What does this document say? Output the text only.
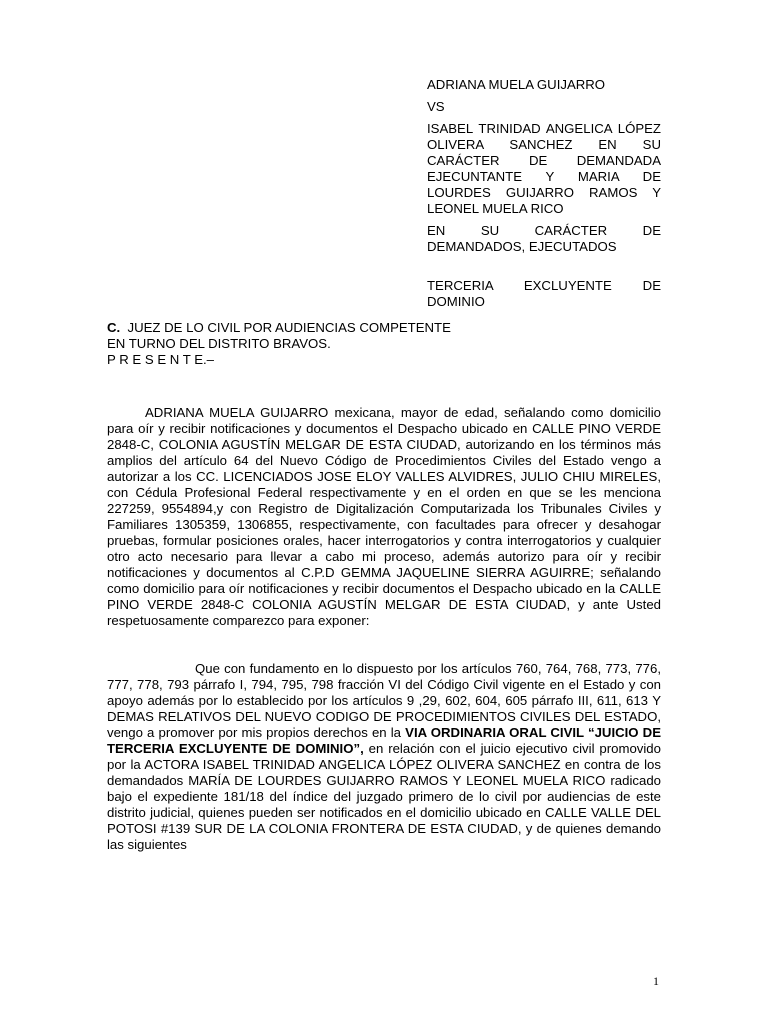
ADRIANA MUELA GUIJARRO
VS
ISABEL TRINIDAD ANGELICA LÓPEZ OLIVERA SANCHEZ EN SU CARÁCTER DE DEMANDADA EJECUNTANTE Y MARIA DE LOURDES GUIJARRO RAMOS Y LEONEL MUELA RICO
EN SU CARÁCTER DE DEMANDADOS, EJECUTADOS
TERCERIA EXCLUYENTE DE DOMINIO
C. JUEZ DE LO CIVIL POR AUDIENCIAS COMPETENTE
EN TURNO DEL DISTRITO BRAVOS.
P R E S E N T E.–
ADRIANA MUELA GUIJARRO mexicana, mayor de edad, señalando como domicilio para oír y recibir notificaciones y documentos el Despacho ubicado en CALLE PINO VERDE 2848-C, COLONIA AGUSTÍN MELGAR DE ESTA CIUDAD, autorizando en los términos más amplios del artículo 64 del Nuevo Código de Procedimientos Civiles del Estado vengo a autorizar a los CC. LICENCIADOS JOSE ELOY VALLES ALVIDRES, JULIO CHIU MIRELES, con Cédula Profesional Federal respectivamente y en el orden en que se les menciona 227259, 9554894,y con Registro de Digitalización Computarizada los Tribunales Civiles y Familiares 1305359, 1306855, respectivamente, con facultades para ofrecer y desahogar pruebas, formular posiciones orales, hacer interrogatorios y contra interrogatorios y cualquier otro acto necesario para llevar a cabo mi proceso, además autorizo para oír y recibir notificaciones y documentos al C.P.D GEMMA JAQUELINE SIERRA AGUIRRE; señalando como domicilio para oír notificaciones y recibir documentos el Despacho ubicado en la CALLE PINO VERDE 2848-C COLONIA AGUSTÍN MELGAR DE ESTA CIUDAD, y ante Usted respetuosamente comparezco para exponer:
Que con fundamento en lo dispuesto por los artículos 760, 764, 768, 773, 776, 777, 778, 793 párrafo I, 794, 795, 798 fracción VI del Código Civil vigente en el Estado y con apoyo además por lo establecido por los artículos 9 ,29, 602, 604, 605 párrafo III, 611, 613 Y DEMAS RELATIVOS DEL NUEVO CODIGO DE PROCEDIMIENTOS CIVILES DEL ESTADO, vengo a promover por mis propios derechos en la VIA ORDINARIA ORAL CIVIL “JUICIO DE TERCERIA EXCLUYENTE DE DOMINIO”, en relación con el juicio ejecutivo civil promovido por la ACTORA ISABEL TRINIDAD ANGELICA LÓPEZ OLIVERA SANCHEZ en contra de los demandados MARÍA DE LOURDES GUIJARRO RAMOS Y LEONEL MUELA RICO radicado bajo el expediente 181/18 del índice del juzgado primero de lo civil por audiencias de este distrito judicial, quienes pueden ser notificados en el domicilio ubicado en CALLE VALLE DEL POTOSI #139 SUR DE LA COLONIA FRONTERA DE ESTA CIUDAD, y de quienes demando las siguientes
1
